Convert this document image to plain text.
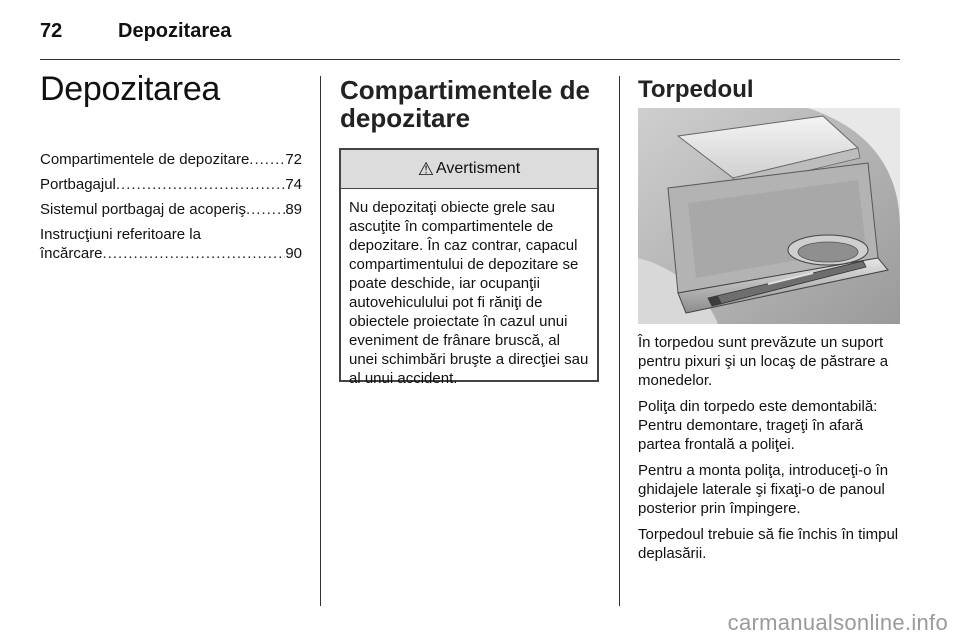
72	Depozitarea
Depozitarea
Compartimentele de depozitare ..... 72
Portbagajul .....	74
Sistemul portbagaj de acoperiş .....	89
Instrucţiuni referitoare la
încărcare .....	90
Compartimentele de depozitare
⚠ Avertisment
Nu depozitaţi obiecte grele sau ascuţite în compartimentele de depozitare. În caz contrar, capacul compartimentului de depozitare se poate deschide, iar ocupanţii autovehiculului pot fi răniţi de obiectele proiectate în cazul unui eveniment de frânare bruscă, al unei schimbări bruşte a direcţiei sau al unui accident.
Torpedoul

În torpedou sunt prevăzute un suport pentru pixuri şi un locaş de păstrare a monedelor.

Poliţa din torpedo este demontabilă: Pentru demontare, trageţi în afară partea frontală a poliţei.

Pentru a monta poliţa, introduceţi-o în ghidajele laterale şi fixaţi-o de panoul posterior prin împingere.

Torpedoul trebuie să fie închis în timpul deplasării.

carmanualsonline.info
